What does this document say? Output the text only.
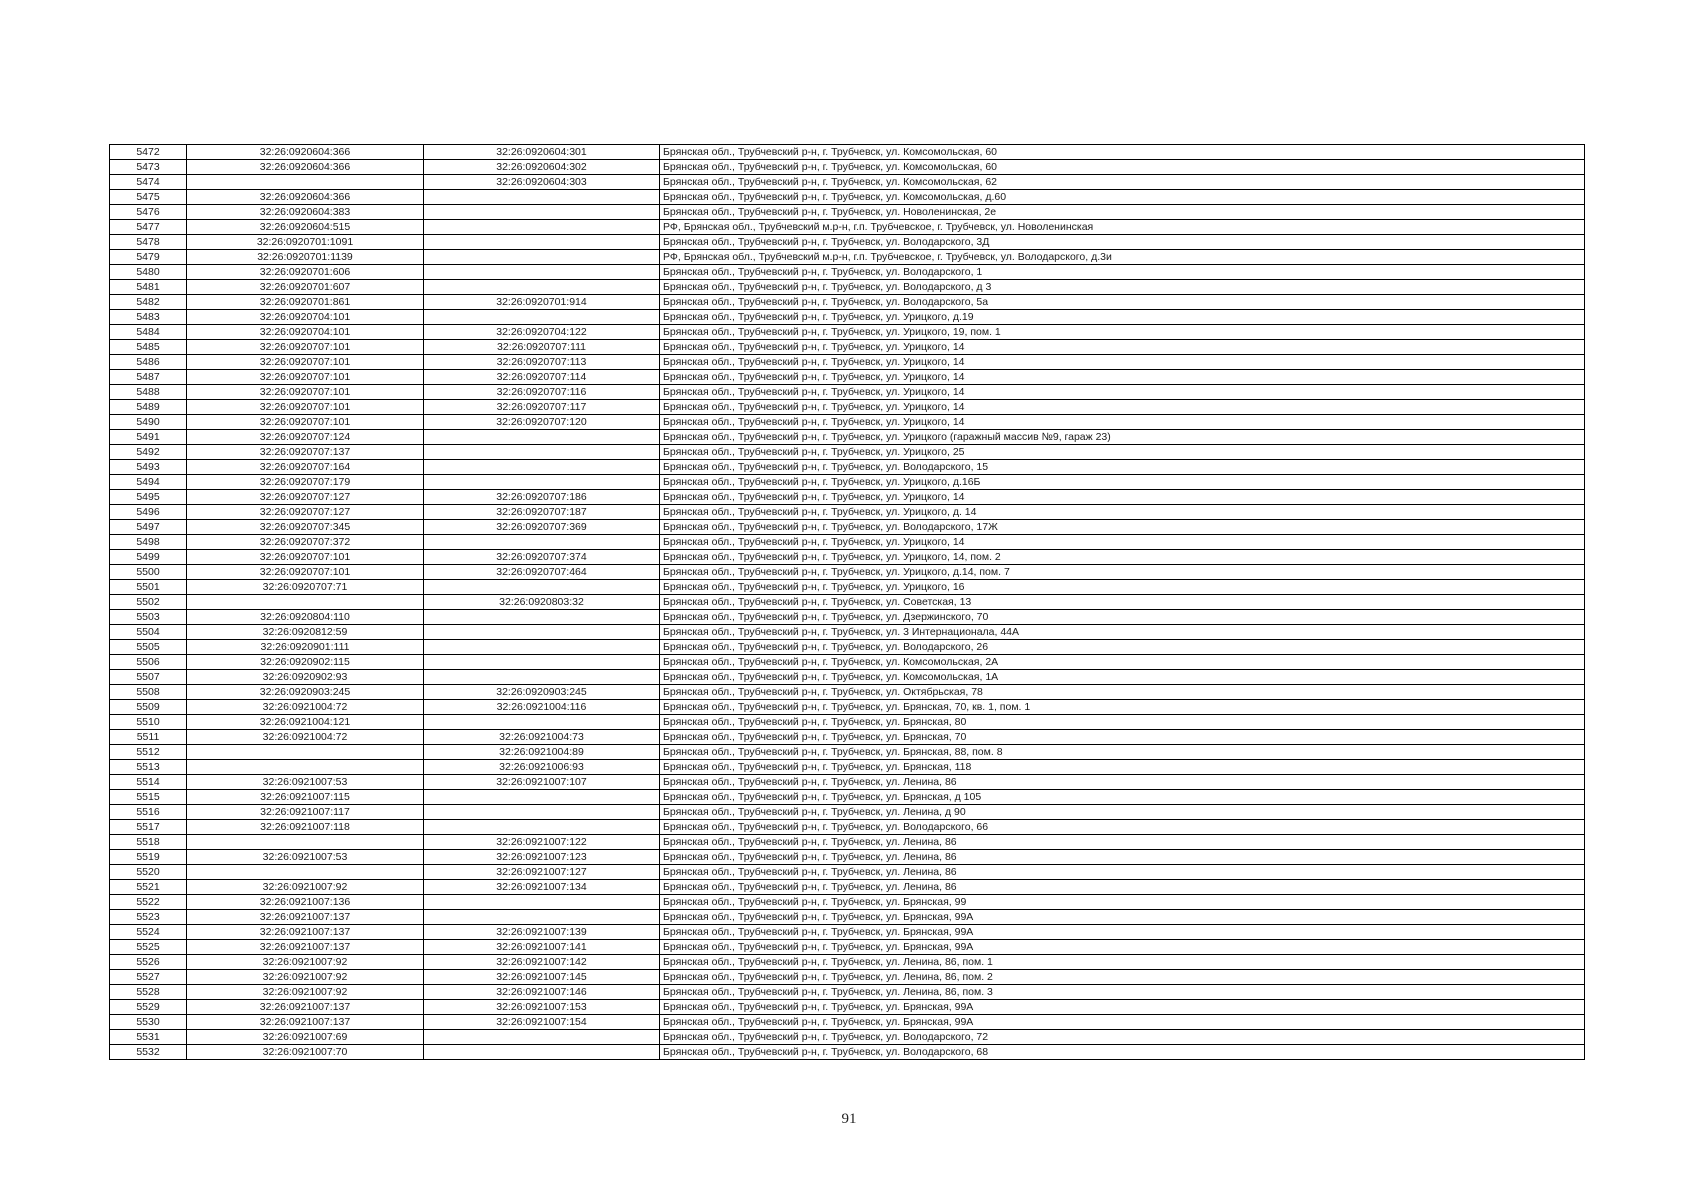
5472	32:26:0920604:366	32:26:0920604:301	Брянская обл., Трубчевский р-н, г. Трубчевск, ул. Комсомольская, 60
5473	32:26:0920604:366	32:26:0920604:302	Брянская обл., Трубчевский р-н, г. Трубчевск, ул. Комсомольская, 60
5474		32:26:0920604:303	Брянская обл., Трубчевский р-н, г. Трубчевск, ул. Комсомольская, 62
5475	32:26:0920604:366		Брянская обл., Трубчевский р-н, г. Трубчевск, ул. Комсомольская, д.60
5476	32:26:0920604:383		Брянская обл., Трубчевский р-н, г. Трубчевск, ул. Новоленинская, 2е
5477	32:26:0920604:515		РФ, Брянская обл., Трубчевский м.р-н, г.п. Трубчевское, г. Трубчевск, ул. Новоленинская
5478	32:26:0920701:1091		Брянская обл., Трубчевский р-н, г. Трубчевск, ул. Володарского, 3Д
5479	32:26:0920701:1139		РФ, Брянская обл., Трубчевский м.р-н, г.п. Трубчевское, г. Трубчевск, ул. Володарского, д.3и
5480	32:26:0920701:606		Брянская обл., Трубчевский р-н, г. Трубчевск, ул. Володарского, 1
5481	32:26:0920701:607		Брянская обл., Трубчевский р-н, г. Трубчевск, ул. Володарского, д 3
5482	32:26:0920701:861	32:26:0920701:914	Брянская обл., Трубчевский р-н, г. Трубчевск, ул. Володарского, 5а
5483	32:26:0920704:101		Брянская обл., Трубчевский р-н, г. Трубчевск, ул. Урицкого, д.19
5484	32:26:0920704:101	32:26:0920704:122	Брянская обл., Трубчевский р-н, г. Трубчевск, ул. Урицкого, 19, пом. 1
5485	32:26:0920707:101	32:26:0920707:111	Брянская обл., Трубчевский р-н, г. Трубчевск, ул. Урицкого, 14
5486	32:26:0920707:101	32:26:0920707:113	Брянская обл., Трубчевский р-н, г. Трубчевск, ул. Урицкого, 14
5487	32:26:0920707:101	32:26:0920707:114	Брянская обл., Трубчевский р-н, г. Трубчевск, ул. Урицкого, 14
5488	32:26:0920707:101	32:26:0920707:116	Брянская обл., Трубчевский р-н, г. Трубчевск, ул. Урицкого, 14
5489	32:26:0920707:101	32:26:0920707:117	Брянская обл., Трубчевский р-н, г. Трубчевск, ул. Урицкого, 14
5490	32:26:0920707:101	32:26:0920707:120	Брянская обл., Трубчевский р-н, г. Трубчевск, ул. Урицкого, 14
5491	32:26:0920707:124		Брянская обл., Трубчевский р-н, г. Трубчевск, ул. Урицкого (гаражный массив №9, гараж 23)
5492	32:26:0920707:137		Брянская обл., Трубчевский р-н, г. Трубчевск, ул. Урицкого, 25
5493	32:26:0920707:164		Брянская обл., Трубчевский р-н, г. Трубчевск, ул. Володарского, 15
5494	32:26:0920707:179		Брянская обл., Трубчевский р-н, г. Трубчевск, ул. Урицкого, д.16Б
5495	32:26:0920707:127	32:26:0920707:186	Брянская обл., Трубчевский р-н, г. Трубчевск, ул. Урицкого, 14
5496	32:26:0920707:127	32:26:0920707:187	Брянская обл., Трубчевский р-н, г. Трубчевск, ул. Урицкого, д. 14
5497	32:26:0920707:345	32:26:0920707:369	Брянская обл., Трубчевский р-н, г. Трубчевск, ул. Володарского, 17Ж
5498	32:26:0920707:372		Брянская обл., Трубчевский р-н, г. Трубчевск, ул. Урицкого, 14
5499	32:26:0920707:101	32:26:0920707:374	Брянская обл., Трубчевский р-н, г. Трубчевск, ул. Урицкого, 14, пом. 2
5500	32:26:0920707:101	32:26:0920707:464	Брянская обл., Трубчевский р-н, г. Трубчевск, ул. Урицкого, д.14, пом. 7
5501	32:26:0920707:71		Брянская обл., Трубчевский р-н, г. Трубчевск, ул. Урицкого, 16
5502		32:26:0920803:32	Брянская обл., Трубчевский р-н, г. Трубчевск, ул. Советская, 13
5503	32:26:0920804:110		Брянская обл., Трубчевский р-н, г. Трубчевск, ул. Дзержинского, 70
5504	32:26:0920812:59		Брянская обл., Трубчевский р-н, г. Трубчевск, ул. 3 Интернационала, 44А
5505	32:26:0920901:111		Брянская обл., Трубчевский р-н, г. Трубчевск, ул. Володарского, 26
5506	32:26:0920902:115		Брянская обл., Трубчевский р-н, г. Трубчевск, ул. Комсомольская, 2А
5507	32:26:0920902:93		Брянская обл., Трубчевский р-н, г. Трубчевск, ул. Комсомольская, 1А
5508	32:26:0920903:245	32:26:0920903:245	Брянская обл., Трубчевский р-н, г. Трубчевск, ул. Октябрьская, 78
5509	32:26:0921004:72	32:26:0921004:116	Брянская обл., Трубчевский р-н, г. Трубчевск, ул. Брянская, 70, кв. 1, пом. 1
5510	32:26:0921004:121		Брянская обл., Трубчевский р-н, г. Трубчевск, ул. Брянская, 80
5511	32:26:0921004:72	32:26:0921004:73	Брянская обл., Трубчевский р-н, г. Трубчевск, ул. Брянская, 70
5512		32:26:0921004:89	Брянская обл., Трубчевский р-н, г. Трубчевск, ул. Брянская, 88, пом. 8
5513		32:26:0921006:93	Брянская обл., Трубчевский р-н, г. Трубчевск, ул. Брянская, 118
5514	32:26:0921007:53	32:26:0921007:107	Брянская обл., Трубчевский р-н, г. Трубчевск, ул. Ленина, 86
5515	32:26:0921007:115		Брянская обл., Трубчевский р-н, г. Трубчевск, ул. Брянская, д 105
5516	32:26:0921007:117		Брянская обл., Трубчевский р-н, г. Трубчевск, ул. Ленина, д 90
5517	32:26:0921007:118		Брянская обл., Трубчевский р-н, г. Трубчевск, ул. Володарского, 66
5518		32:26:0921007:122	Брянская обл., Трубчевский р-н, г. Трубчевск, ул. Ленина, 86
5519	32:26:0921007:53	32:26:0921007:123	Брянская обл., Трубчевский р-н, г. Трубчевск, ул. Ленина, 86
5520		32:26:0921007:127	Брянская обл., Трубчевский р-н, г. Трубчевск, ул. Ленина, 86
5521	32:26:0921007:92	32:26:0921007:134	Брянская обл., Трубчевский р-н, г. Трубчевск, ул. Ленина, 86
5522	32:26:0921007:136		Брянская обл., Трубчевский р-н, г. Трубчевск, ул. Брянская, 99
5523	32:26:0921007:137		Брянская обл., Трубчевский р-н, г. Трубчевск, ул. Брянская, 99А
5524	32:26:0921007:137	32:26:0921007:139	Брянская обл., Трубчевский р-н, г. Трубчевск, ул. Брянская, 99А
5525	32:26:0921007:137	32:26:0921007:141	Брянская обл., Трубчевский р-н, г. Трубчевск, ул. Брянская, 99А
5526	32:26:0921007:92	32:26:0921007:142	Брянская обл., Трубчевский р-н, г. Трубчевск, ул. Ленина, 86, пом. 1
5527	32:26:0921007:92	32:26:0921007:145	Брянская обл., Трубчевский р-н, г. Трубчевск, ул. Ленина, 86, пом. 2
5528	32:26:0921007:92	32:26:0921007:146	Брянская обл., Трубчевский р-н, г. Трубчевск, ул. Ленина, 86, пом. 3
5529	32:26:0921007:137	32:26:0921007:153	Брянская обл., Трубчевский р-н, г. Трубчевск, ул. Брянская, 99А
5530	32:26:0921007:137	32:26:0921007:154	Брянская обл., Трубчевский р-н, г. Трубчевск, ул. Брянская, 99А
5531	32:26:0921007:69		Брянская обл., Трубчевский р-н, г. Трубчевск, ул. Володарского, 72
5532	32:26:0921007:70		Брянская обл., Трубчевский р-н, г. Трубчевск, ул. Володарского, 68
91
